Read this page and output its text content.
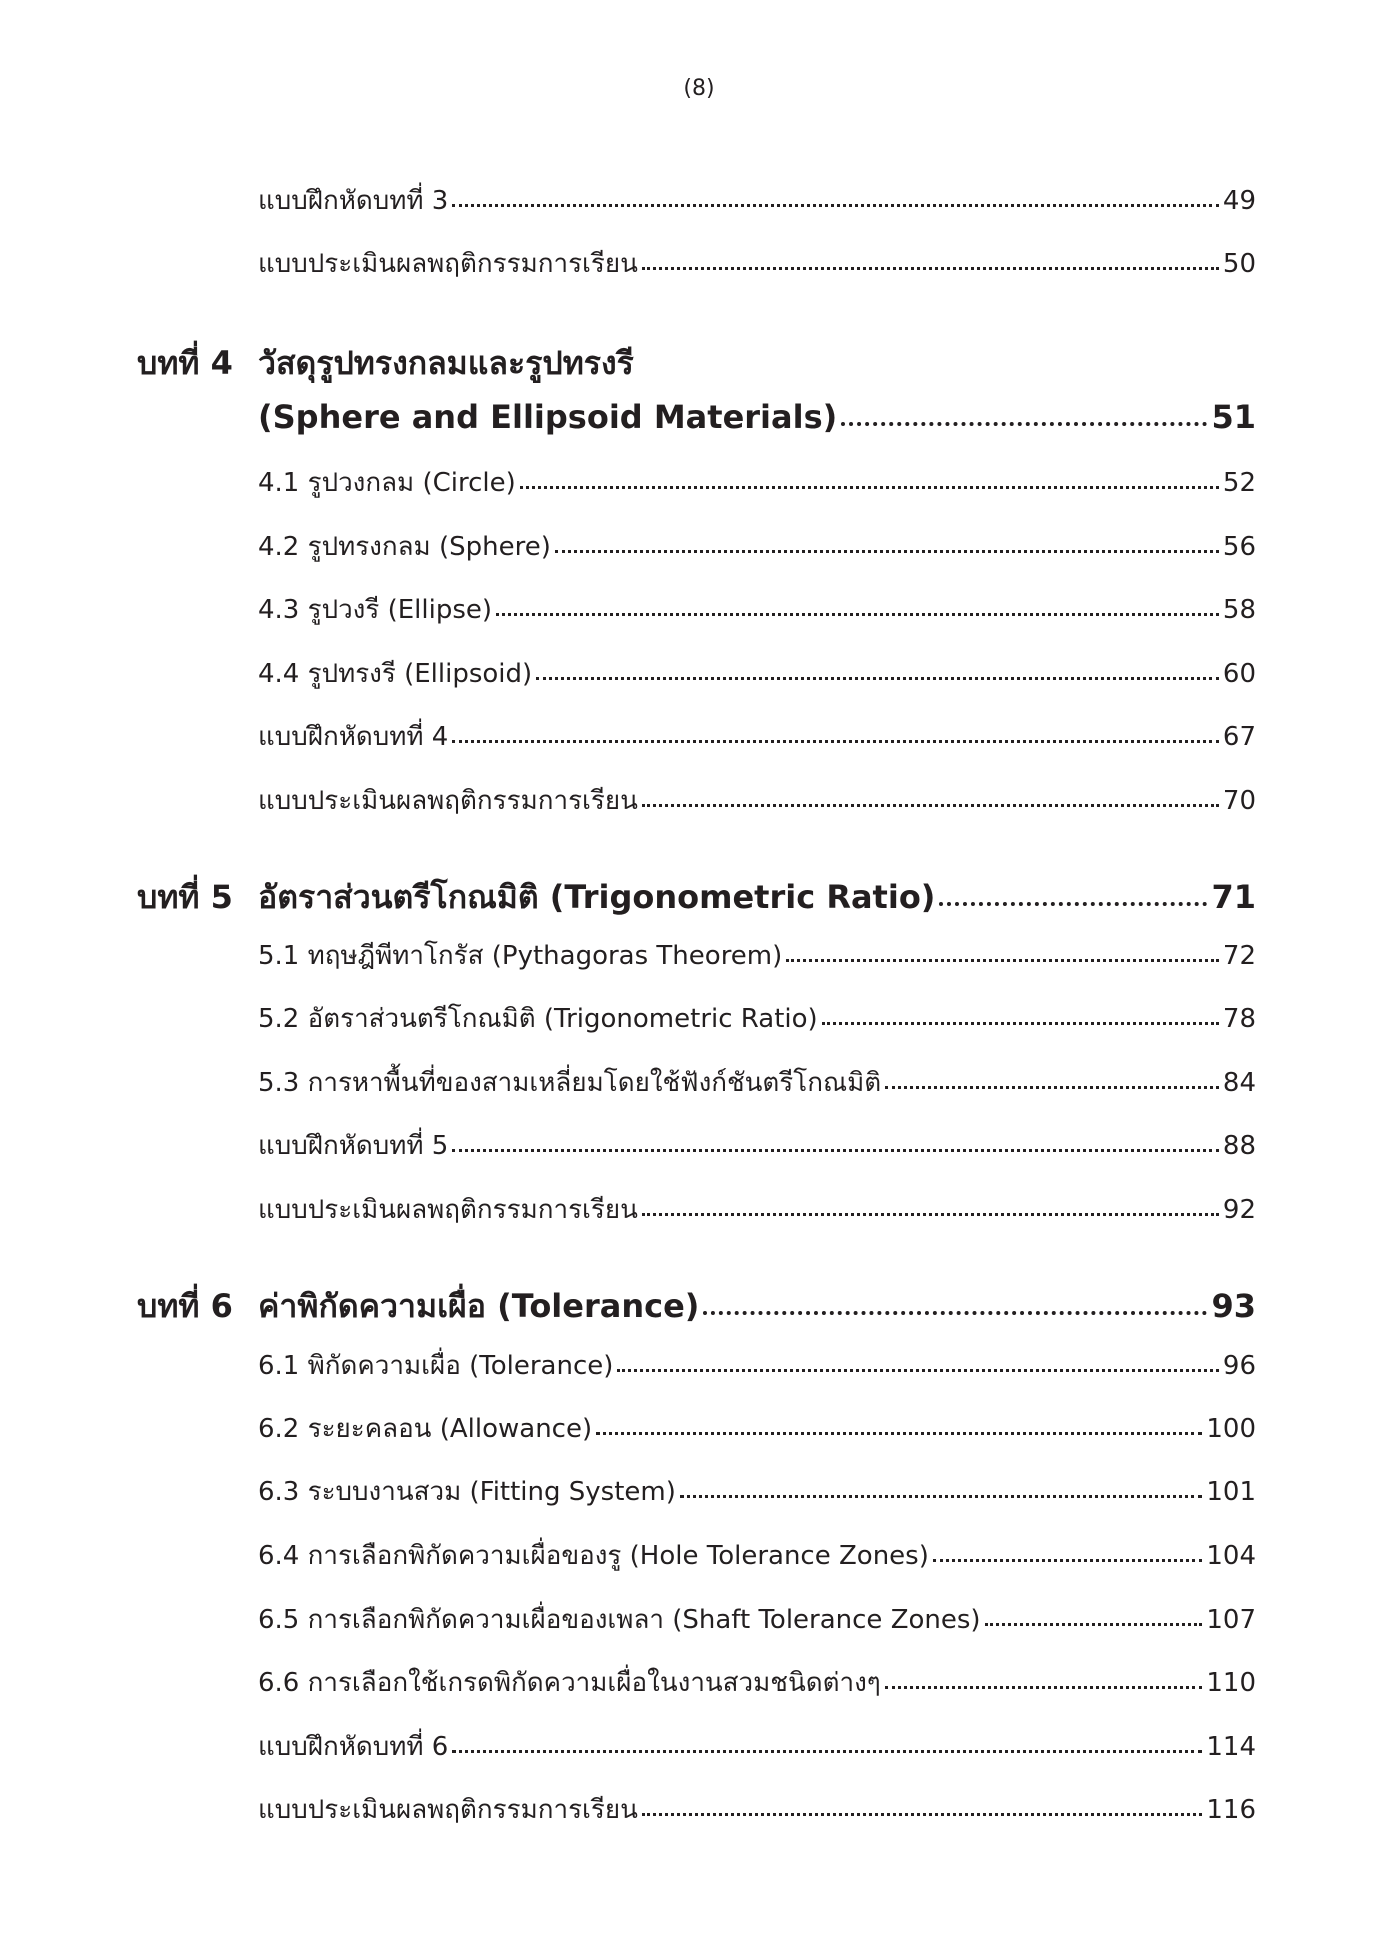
(8)
แบบฝึกหัดบทที่ 3	49
แบบประเมินผลพฤติกรรมการเรียน	50
บทที่ 4 วัสดุรูปทรงกลมและรูปทรงรี
(Sphere and Ellipsoid Materials)	51
4.1 รูปวงกลม (Circle)	52
4.2 รูปทรงกลม (Sphere)	56
4.3 รูปวงรี (Ellipse)	58
4.4 รูปทรงรี (Ellipsoid)	60
แบบฝึกหัดบทที่ 4	67
แบบประเมินผลพฤติกรรมการเรียน	70
บทที่ 5 อัตราส่วนตรีโกณมิติ (Trigonometric Ratio)	71
5.1 ทฤษฎีพีทาโกรัส (Pythagoras Theorem)	72
5.2 อัตราส่วนตรีโกณมิติ (Trigonometric Ratio)	78
5.3 การหาพื้นที่ของสามเหลี่ยมโดยใช้ฟังก์ชันตรีโกณมิติ	84
แบบฝึกหัดบทที่ 5	88
แบบประเมินผลพฤติกรรมการเรียน	92
บทที่ 6 ค่าพิกัดความเผื่อ (Tolerance)	93
6.1 พิกัดความเผื่อ (Tolerance)	96
6.2 ระยะคลอน (Allowance)	100
6.3 ระบบงานสวม (Fitting System)	101
6.4 การเลือกพิกัดความเผื่อของรู (Hole Tolerance Zones)	104
6.5 การเลือกพิกัดความเผื่อของเพลา (Shaft Tolerance Zones)	107
6.6 การเลือกใช้เกรดพิกัดความเผื่อในงานสวมชนิดต่างๆ	110
แบบฝึกหัดบทที่ 6	114
แบบประเมินผลพฤติกรรมการเรียน	116
